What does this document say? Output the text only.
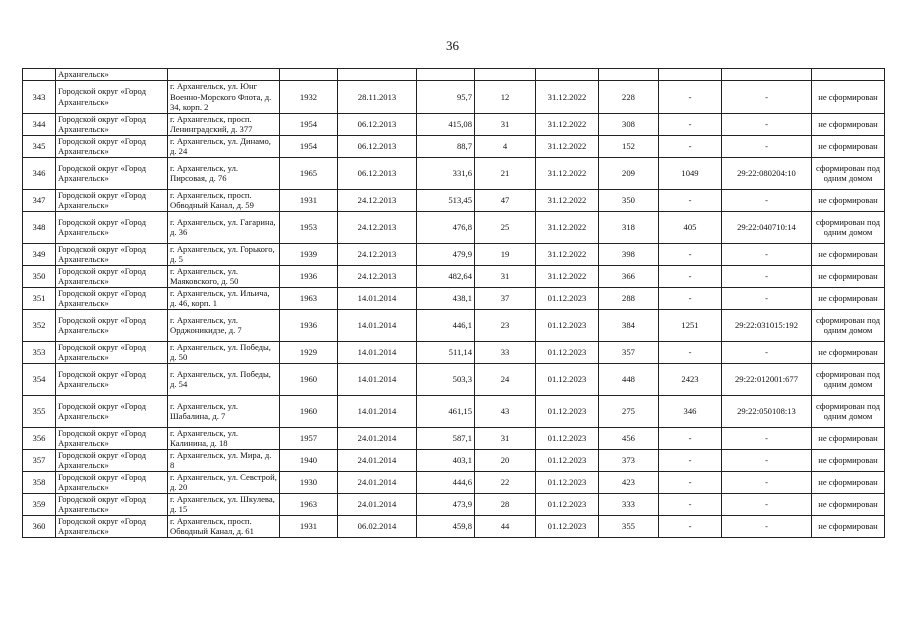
36
	Архангельск»										
343	Городской округ «Город Архангельск»	г. Архангельск, ул. Юнг Военно-Морского Флота, д. 34, корп. 2	1932	28.11.2013	95,7	12	31.12.2022	228	-	-	не сформирован
344	Городской округ «Город Архангельск»	г. Архангельск, просп. Ленинградский, д. 377	1954	06.12.2013	415,08	31	31.12.2022	308	-	-	не сформирован
345	Городской округ «Город Архангельск»	г. Архангельск, ул. Динамо, д. 24	1954	06.12.2013	88,7	4	31.12.2022	152	-	-	не сформирован
346	Городской округ «Город Архангельск»	г. Архангельск, ул. Пирсовая, д. 76	1965	06.12.2013	331,6	21	31.12.2022	209	1049	29:22:080204:10	сформирован под одним домом
347	Городской округ «Город Архангельск»	г. Архангельск, просп. Обводный Канал, д. 59	1931	24.12.2013	513,45	47	31.12.2022	350	-	-	не сформирован
348	Городской округ «Город Архангельск»	г. Архангельск, ул. Гагарина, д. 36	1953	24.12.2013	476,8	25	31.12.2022	318	405	29:22:040710:14	сформирован под одним домом
349	Городской округ «Город Архангельск»	г. Архангельск, ул. Горького, д. 5	1939	24.12.2013	479,9	19	31.12.2022	398	-	-	не сформирован
350	Городской округ «Город Архангельск»	г. Архангельск, ул. Маяковского, д. 50	1936	24.12.2013	482,64	31	31.12.2022	366	-	-	не сформирован
351	Городской округ «Город Архангельск»	г. Архангельск, ул. Ильича, д. 46, корп. 1	1963	14.01.2014	438,1	37	01.12.2023	288	-	-	не сформирован
352	Городской округ «Город Архангельск»	г. Архангельск, ул. Орджоникидзе, д. 7	1936	14.01.2014	446,1	23	01.12.2023	384	1251	29:22:031015:192	сформирован под одним домом
353	Городской округ «Город Архангельск»	г. Архангельск, ул. Победы, д. 50	1929	14.01.2014	511,14	33	01.12.2023	357	-	-	не сформирован
354	Городской округ «Город Архангельск»	г. Архангельск, ул. Победы, д. 54	1960	14.01.2014	503,3	24	01.12.2023	448	2423	29:22:012001:677	сформирован под одним домом
355	Городской округ «Город Архангельск»	г. Архангельск, ул. Шабалина, д. 7	1960	14.01.2014	461,15	43	01.12.2023	275	346	29:22:050108:13	сформирован под одним домом
356	Городской округ «Город Архангельск»	г. Архангельск, ул. Калинина, д. 18	1957	24.01.2014	587,1	31	01.12.2023	456	-	-	не сформирован
357	Городской округ «Город Архангельск»	г. Архангельск, ул. Мира, д. 8	1940	24.01.2014	403,1	20	01.12.2023	373	-	-	не сформирован
358	Городской округ «Город Архангельск»	г. Архангельск, ул. Севстрой, д. 20	1930	24.01.2014	444,6	22	01.12.2023	423	-	-	не сформирован
359	Городской округ «Город Архангельск»	г. Архангельск, ул. Шкулева, д. 15	1963	24.01.2014	473,9	28	01.12.2023	333	-	-	не сформирован
360	Городской округ «Город Архангельск»	г. Архангельск, просп. Обводный Канал, д. 61	1931	06.02.2014	459,8	44	01.12.2023	355	-	-	не сформирован
